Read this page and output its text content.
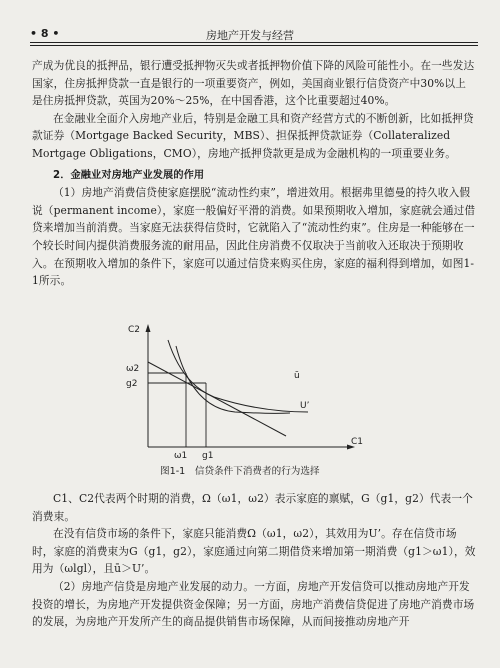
• 8 •	房地产开发与经营

产成为优良的抵押品，银行遭受抵押物灭失或者抵押物价值下降的风险可能性小。在一些发达国家，住房抵押贷款一直是银行的一项重要资产，例如，美国商业银行信贷资产中30%以上是住房抵押贷款，英国为20%～25%，在中国香港，这个比重要超过40%。

在金融业全面介入房地产业后，特别是金融工具和资产经营方式的不断创新，比如抵押贷款证券（Mortgage Backed Security，MBS）、担保抵押贷款证券（Collateralized Mortgage Obligations，CMO），房地产抵押贷款更是成为金融机构的一项重要业务。

2．金融业对房地产业发展的作用

（1）房地产消费信贷使家庭摆脱“流动性约束”，增进效用。根据弗里德曼的持久收入假说（permanent income），家庭一般偏好平滑的消费。如果预期收入增加，家庭就会通过借贷来增加当前消费。当家庭无法获得信贷时，它就陷入了“流动性约束”。住房是一种能够在一个较长时间内提供消费服务流的耐用品，因此住房消费不仅取决于当前收入还取决于预期收入。在预期收入增加的条件下，家庭可以通过信贷来购买住房，家庭的福利得到增加，如图1-1所示。

C2
C1
ω2
g2
ω1 g1
ū
U’
图1-1　信贷条件下消费者的行为选择

C1、C2代表两个时期的消费，Ω（ω1，ω2）表示家庭的禀赋，G（g1，g2）代表一个消费束。

在没有信贷市场的条件下，家庭只能消费Ω（ω1，ω2），其效用为U’。存在信贷市场时，家庭的消费束为G（g1，g2），家庭通过向第二期借贷来增加第一期消费（g1＞ω1），效用为（ωlgl），且ū＞U’。

（2）房地产信贷是房地产业发展的动力。一方面，房地产开发信贷可以推动房地产开发投资的增长，为房地产开发提供资金保障；另一方面，房地产消费信贷促进了房地产消费市场的发展，为房地产开发所产生的商品提供销售市场保障，从而间接推动房地产开
